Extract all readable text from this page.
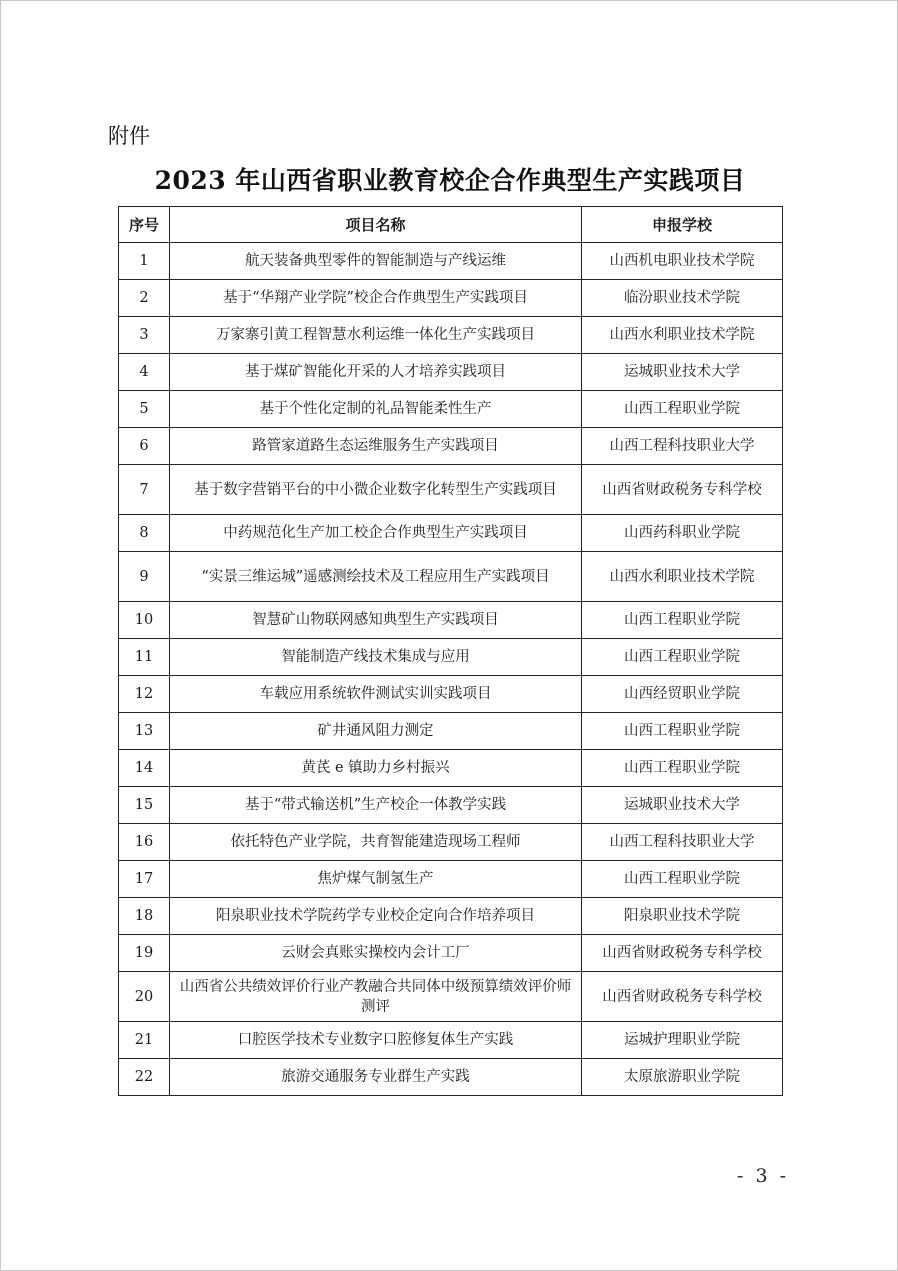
附件
2023 年山西省职业教育校企合作典型生产实践项目
序号	项目名称	申报学校
1	航天装备典型零件的智能制造与产线运维	山西机电职业技术学院
2	基于“华翔产业学院”校企合作典型生产实践项目	临汾职业技术学院
3	万家寨引黄工程智慧水利运维一体化生产实践项目	山西水利职业技术学院
4	基于煤矿智能化开采的人才培养实践项目	运城职业技术大学
5	基于个性化定制的礼品智能柔性生产	山西工程职业学院
6	路管家道路生态运维服务生产实践项目	山西工程科技职业大学
7	基于数字营销平台的中小微企业数字化转型生产实践项目	山西省财政税务专科学校
8	中药规范化生产加工校企合作典型生产实践项目	山西药科职业学院
9	“实景三维运城”遥感测绘技术及工程应用生产实践项目	山西水利职业技术学院
10	智慧矿山物联网感知典型生产实践项目	山西工程职业学院
11	智能制造产线技术集成与应用	山西工程职业学院
12	车载应用系统软件测试实训实践项目	山西经贸职业学院
13	矿井通风阻力测定	山西工程职业学院
14	黄芪 e 镇助力乡村振兴	山西工程职业学院
15	基于“带式输送机”生产校企一体教学实践	运城职业技术大学
16	依托特色产业学院，共育智能建造现场工程师	山西工程科技职业大学
17	焦炉煤气制氢生产	山西工程职业学院
18	阳泉职业技术学院药学专业校企定向合作培养项目	阳泉职业技术学院
19	云财会真账实操校内会计工厂	山西省财政税务专科学校
20	山西省公共绩效评价行业产教融合共同体中级预算绩效评价师测评	山西省财政税务专科学校
21	口腔医学技术专业数字口腔修复体生产实践	运城护理职业学院
22	旅游交通服务专业群生产实践	太原旅游职业学院
- 3 -
